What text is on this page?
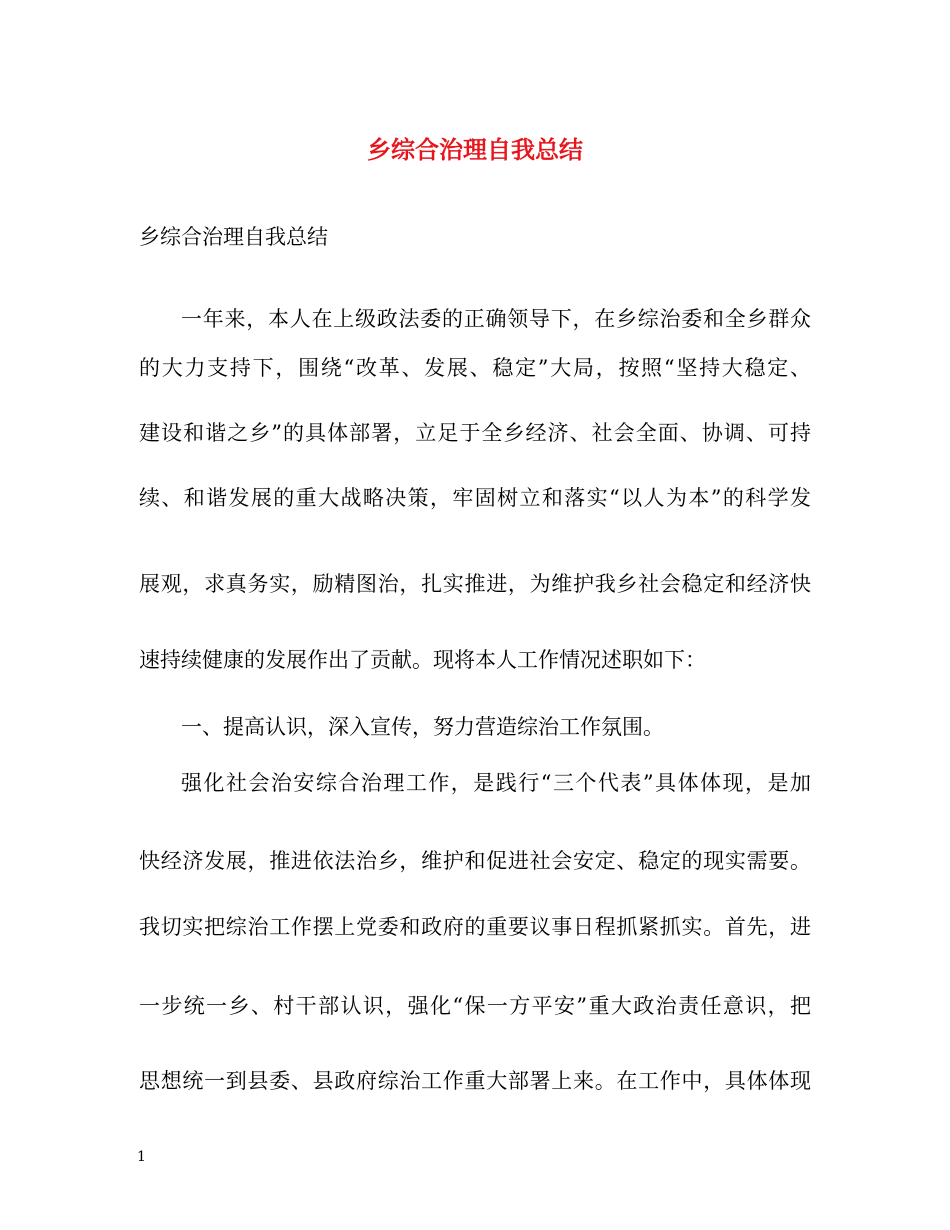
乡综合治理自我总结

乡综合治理自我总结

一年来，本人在上级政法委的正确领导下，在乡综治委和全乡群众

的大力支持下，围绕“改革、发展、稳定”大局，按照“坚持大稳定、

建设和谐之乡”的具体部署，立足于全乡经济、社会全面、协调、可持

续、和谐发展的重大战略决策，牢固树立和落实“以人为本”的科学发

展观，求真务实，励精图治，扎实推进，为维护我乡社会稳定和经济快

速持续健康的发展作出了贡献。现将本人工作情况述职如下：

一、提高认识，深入宣传，努力营造综治工作氛围。

强化社会治安综合治理工作，是践行“三个代表”具体体现，是加

快经济发展，推进依法治乡，维护和促进社会安定、稳定的现实需要。

我切实把综治工作摆上党委和政府的重要议事日程抓紧抓实。首先，进

一步统一乡、村干部认识，强化“保一方平安”重大政治责任意识，把

思想统一到县委、县政府综治工作重大部署上来。在工作中，具体体现

1
